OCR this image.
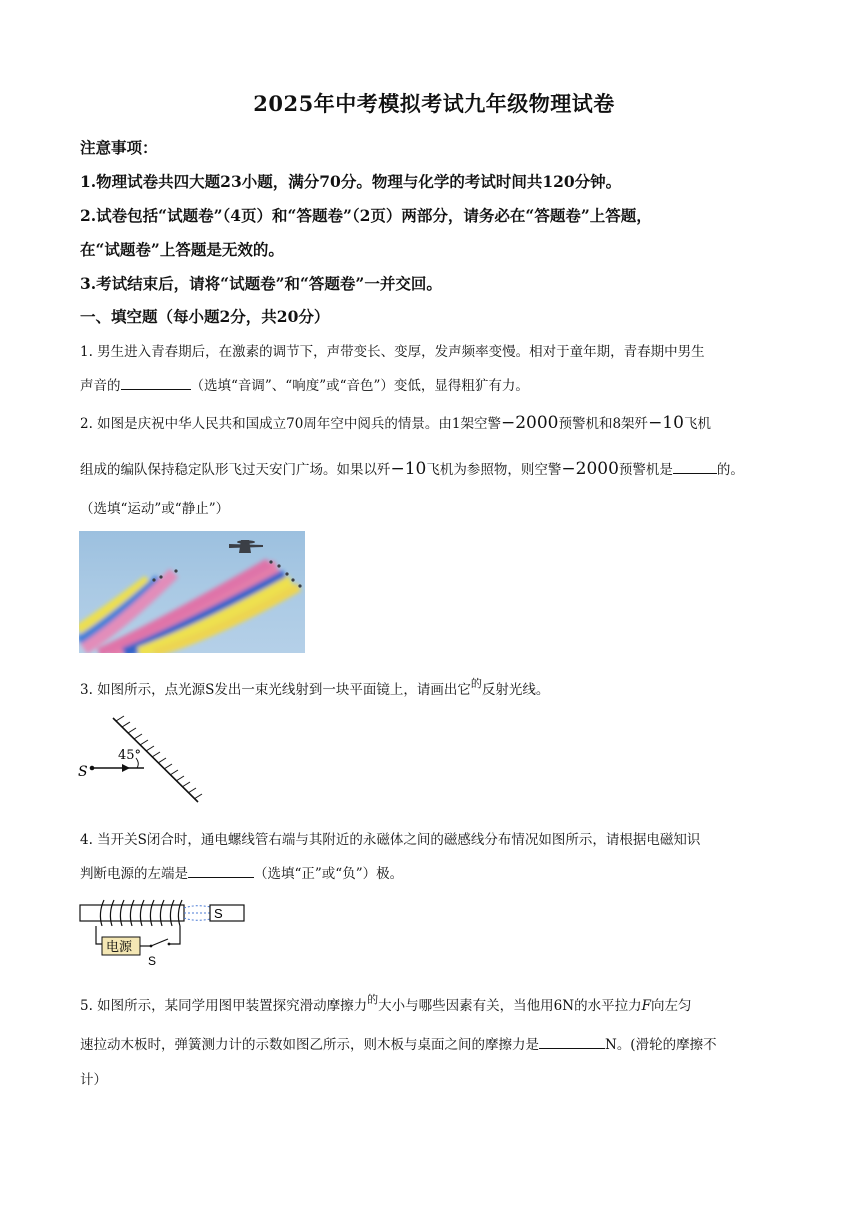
2025年中考模拟考试九年级物理试卷
注意事项：
1.物理试卷共四大题23小题，满分70分。物理与化学的考试时间共120分钟。
2.试卷包括“试题卷”（4页）和“答题卷”（2页）两部分，请务必在“答题卷”上答题，
在“试题卷”上答题是无效的。
3.考试结束后，请将“试题卷”和“答题卷”一并交回。
一、填空题（每小题2分，共20分）
1. 男生进入青春期后，在激素的调节下，声带变长、变厚，发声频率变慢。相对于童年期，青春期中男生
声音的	（选填“音调”、“响度”或“音色”）变低，显得粗犷有力。
2. 如图是庆祝中华人民共和国成立70周年空中阅兵的情景。由1架空警−2000预警机和8架歼−10飞机
组成的编队保持稳定队形飞过天安门广场。如果以歼−10飞机为参照物，则空警−2000预警机是	的。
（选填“运动”或“静止”）
3. 如图所示，点光源S发出一束光线射到一块平面镜上，请画出它$^的$反射光线。
45°
S
4. 当开关S闭合时，通电螺线管右端与其附近的永磁体之间的磁感线分布情况如图所示，请根据电磁知识
判断电源的左端是	（选填“正”或“负”）极。
S
电源
S
5. 如图所示，某同学用图甲装置探究滑动摩擦力$^的$大小与哪些因素有关，当他用6N的水平拉力F向左匀
速拉动木板时，弹簧测力计的示数如图乙所示，则木板与桌面之间的摩擦力是	N。(滑轮的摩擦不
计）
